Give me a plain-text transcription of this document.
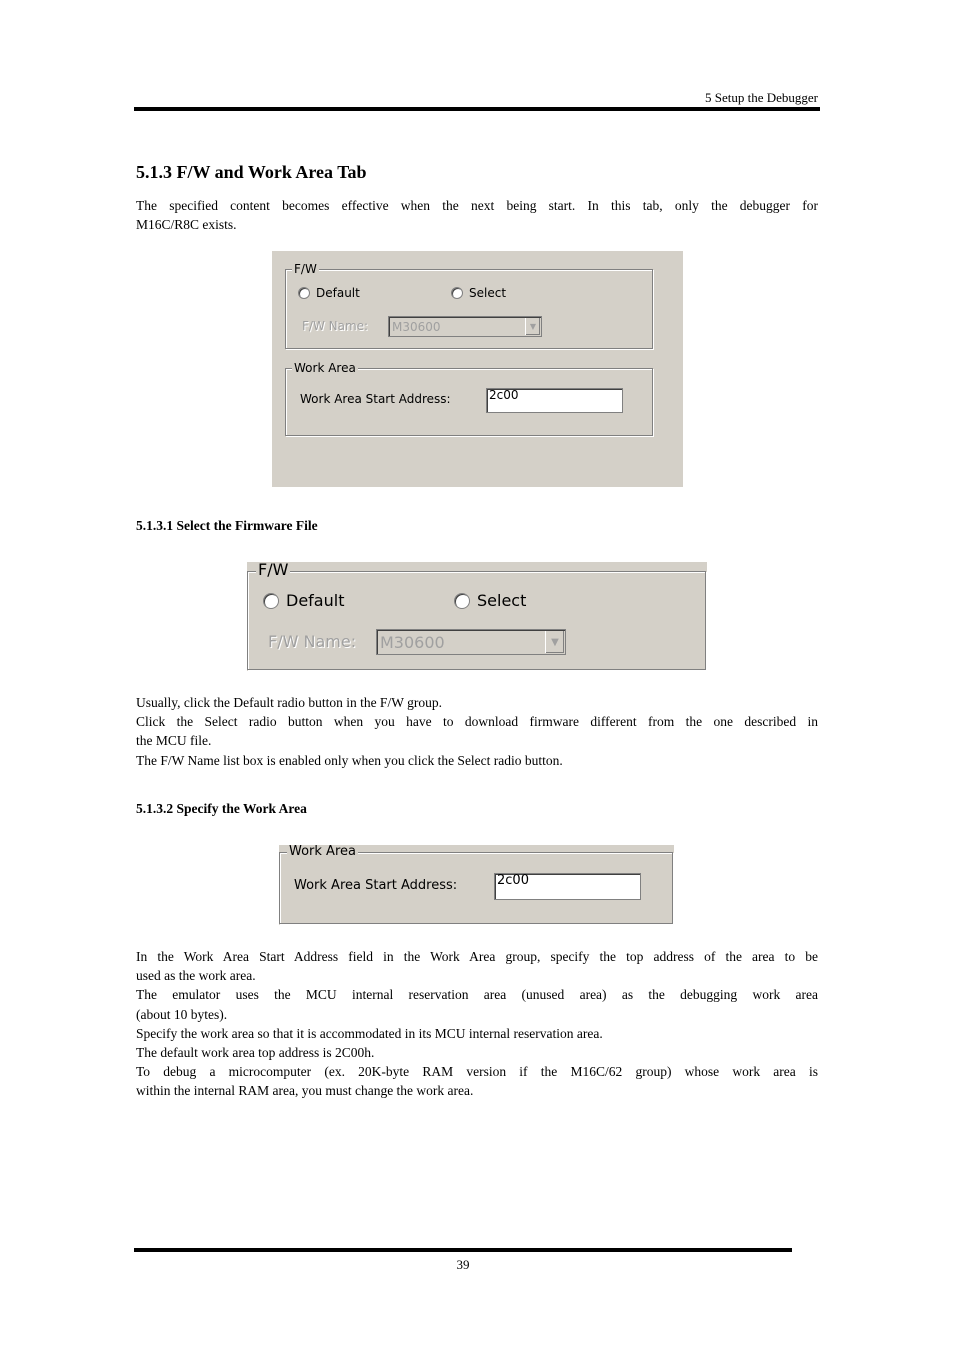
5 Setup the Debugger
5.1.3 F/W and Work Area Tab

The specified content becomes effective when the next being start. In this tab, only the debugger for
M16C/R8C exists.

F/W
Default	Select
F/W Name: M30600	▼
Work Area
Work Area Start Address:	2c00
5.1.3.1 Select the Firmware File
F/W
Default	Select
F/W Name: M30600	▼

Usually, click the Default radio button in the F/W group.
Click the Select radio button when you have to download firmware different from the one described in
the MCU file.
The F/W Name list box is enabled only when you click the Select radio button.

5.1.3.2 Specify the Work Area
Work Area
Work Area Start Address:	2c00

In the Work Area Start Address field in the Work Area group, specify the top address of the area to be
used as the work area.
The emulator uses the MCU internal reservation area (unused area) as the debugging work area
(about 10 bytes).
Specify the work area so that it is accommodated in its MCU internal reservation area.
The default work area top address is 2C00h.
To debug a microcomputer (ex. 20K-byte RAM version if the M16C/62 group) whose work area is
within the internal RAM area, you must change the work area.

39
